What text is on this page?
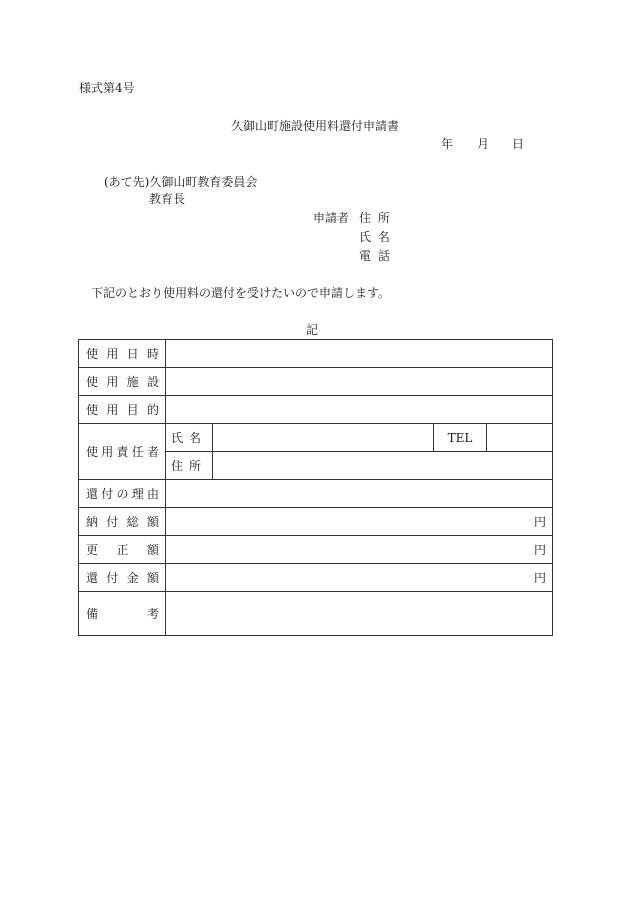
様式第4号
久御山町施設使用料還付申請書
年 月 日
(あて先)久御山町教育委員会
教育長
申請者 住 所
氏 名
電 話
下記のとおり使用料の還付を受けたいので申請します。
記
使 用 日 時				

使 用 施 設				

使 用 目 的				

使 用 責 任 者	氏 名		TEL	

	住 所			

還 付 の 理 由				

納 付 総 額	円			

更 正 額	円			

還 付 金 額	円			

備 考				
